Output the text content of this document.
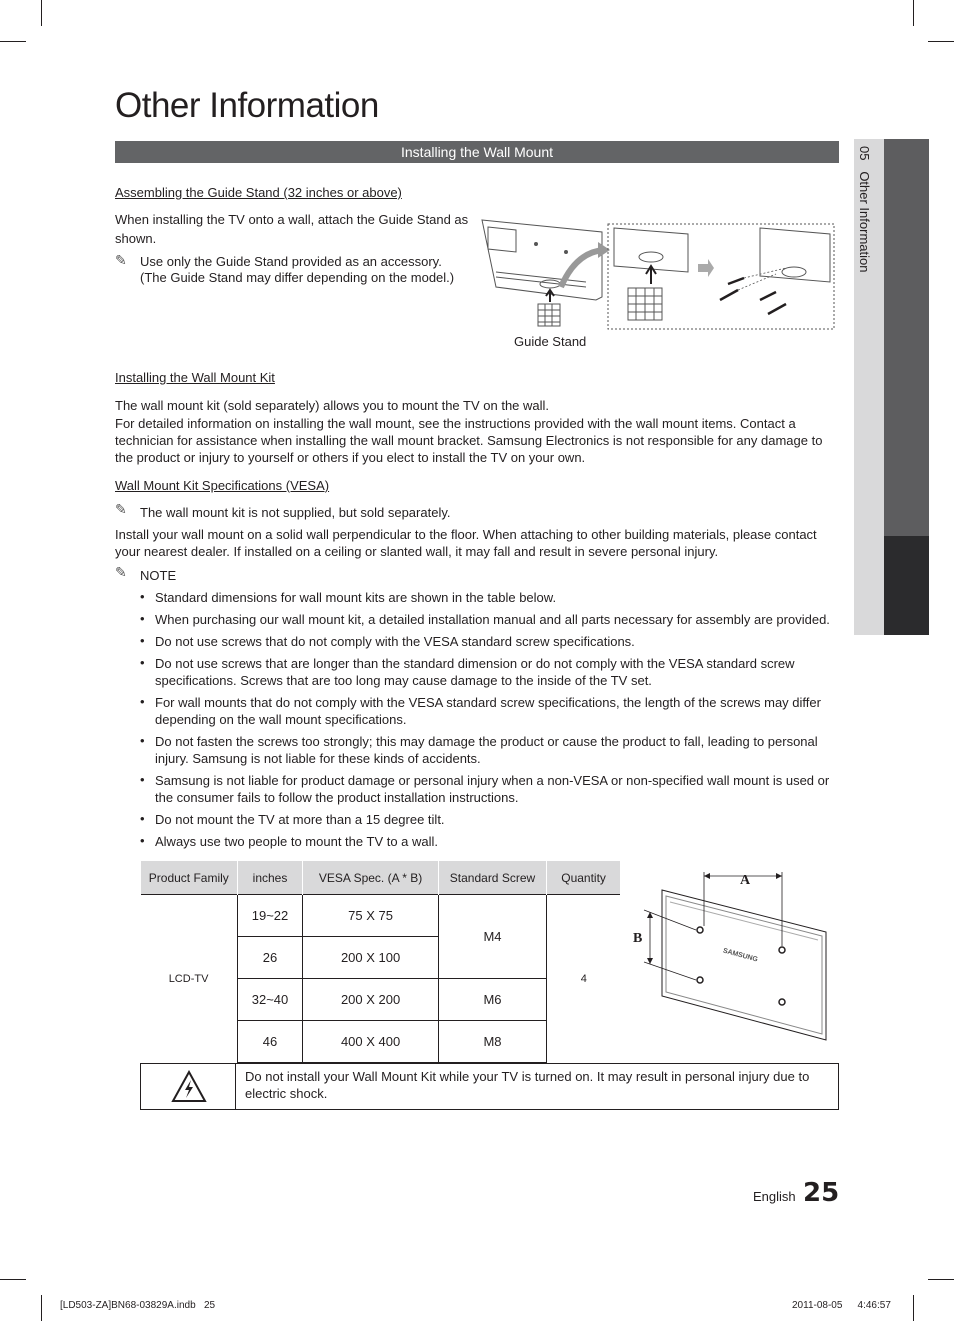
Other Information
Installing the Wall Mount	05   Other Information
Assembling the Guide Stand (32 inches or above)
When installing the TV onto a wall, attach the Guide Stand as shown.
✎ Use only the Guide Stand provided as an accessory.
(The Guide Stand may differ depending on the model.)
Guide Stand
Installing the Wall Mount Kit
The wall mount kit (sold separately) allows you to mount the TV on the wall.
For detailed information on installing the wall mount, see the instructions provided with the wall mount items. Contact a technician for assistance when installing the wall mount bracket. Samsung Electronics is not responsible for any damage to the product or injury to yourself or others if you elect to install the TV on your own.
Wall Mount Kit Specifications (VESA)
✎ The wall mount kit is not supplied, but sold separately.
Install your wall mount on a solid wall perpendicular to the floor. When attaching to other building materials, please contact your nearest dealer. If installed on a ceiling or slanted wall, it may fall and result in severe personal injury.
✎ NOTE
• Standard dimensions for wall mount kits are shown in the table below.
• When purchasing our wall mount kit, a detailed installation manual and all parts necessary for assembly are provided.
• Do not use screws that do not comply with the VESA standard screw specifications.
• Do not use screws that are longer than the standard dimension or do not comply with the VESA standard screw specifications. Screws that are too long may cause damage to the inside of the TV set.
• For wall mounts that do not comply with the VESA standard screw specifications, the length of the screws may differ depending on the wall mount specifications.
• Do not fasten the screws too strongly; this may damage the product or cause the product to fall, leading to personal injury. Samsung is not liable for these kinds of accidents.
• Samsung is not liable for product damage or personal injury when a non-VESA or non-specified wall mount is used or the consumer fails to follow the product installation instructions.
• Do not mount the TV at more than a 15 degree tilt.
• Always use two people to mount the TV to a wall.
Product Family	inches	VESA Spec. (A * B)	Standard Screw	Quantity
LCD-TV	19~22	75 X 75	M4	4
	26	200 X 100		
	32~40	200 X 200	M6	
	46	400 X 400	M8	
A
B
SAMSUNG
Do not install your Wall Mount Kit while your TV is turned on. It may result in personal injury due to electric shock.
English 25
[LD503-ZA]BN68-03829A.indb   25	2011-08-05      4:46:57
